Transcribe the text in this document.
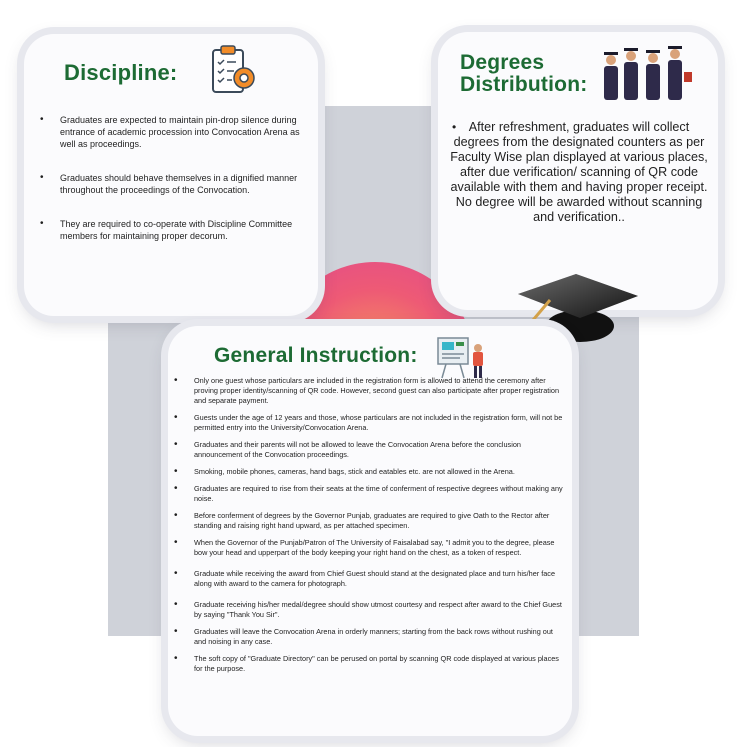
Discipline:
• Graduates are expected to maintain pin-drop silence during entrance of academic procession into Convocation Arena as well as proceedings.
• Graduates should behave themselves in a dignified manner throughout the proceedings of the Convocation.
• They are required to co-operate with Discipline Committee members for maintaining proper decorum.
Degrees Distribution:
• After refreshment, graduates will collect degrees from the designated counters as per Faculty Wise plan displayed at various places, after due verification/ scanning of QR code available with them and having proper receipt. No degree will be awarded without scanning and verification..
General Instruction:
• Only one guest whose particulars are included in the registration form is allowed to attend the ceremony after proving proper identity/scanning of QR code. However, second guest can also participate after proper registration and separate payment.
• Guests under the age of 12 years and those, whose particulars are not included in the registration form, will not be permitted entry into the University/Convocation Arena.
• Graduates and their parents will not be allowed to leave the Convocation Arena before the conclusion announcement of the Convocation proceedings.
• Smoking, mobile phones, cameras, hand bags, stick and eatables etc. are not allowed in the Arena.
• Graduates are required to rise from their seats at the time of conferment of respective degrees without making any noise.
• Before conferment of degrees by the Governor Punjab, graduates are required to give Oath to the Rector after standing and raising right hand upward, as per attached specimen.
• When the Governor of the Punjab/Patron of The University of Faisalabad say, "I admit you to the degree, please bow your head and upperpart of the body keeping your right hand on the chest, as a token of respect.
• Graduate while receiving the award from Chief Guest should stand at the designated place and turn his/her face along with award to the camera for photograph.
• Graduate receiving his/her medal/degree should show utmost courtesy and respect after award to the Chief Guest by saying "Thank You Sir".
• Graduates will leave the Convocation Arena in orderly manners; starting from the back rows without rushing out and noising in any case.
• The soft copy of "Graduate Directory" can be perused on portal by scanning QR code displayed at various places for the purpose.
